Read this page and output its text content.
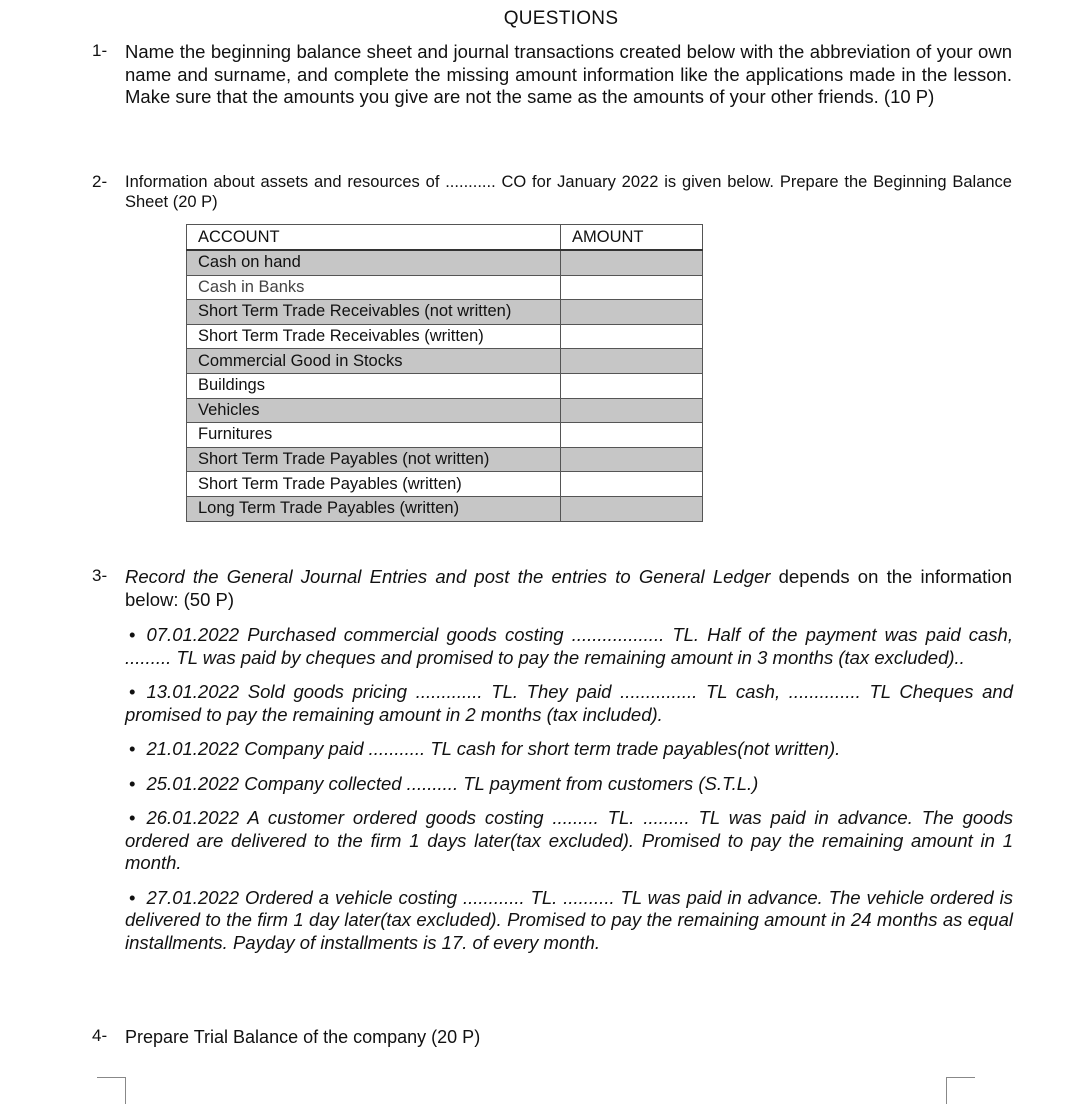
QUESTIONS
1- Name the beginning balance sheet and journal transactions created below with the abbreviation of your own name and surname, and complete the missing amount information like the applications made in the lesson. Make sure that the amounts you give are not the same as the amounts of your other friends. (10 P)
2- Information about assets and resources of ........... CO for January 2022 is given below. Prepare the Beginning Balance Sheet (20 P)
ACCOUNT	AMOUNT
Cash on hand	
Cash in Banks	
Short Term Trade Receivables (not written)	
Short Term Trade Receivables (written)	
Commercial Good in Stocks	
Buildings	
Vehicles	
Furnitures	
Short Term Trade Payables (not written)	
Short Term Trade Payables (written)	
Long Term Trade Payables (written)	
3- Record the General Journal Entries and post the entries to General Ledger depends on the information below: (50 P)
• 07.01.2022 Purchased commercial goods costing .................. TL. Half of the payment was paid cash, ......... TL was paid by cheques and promised to pay the remaining amount in 3 months (tax excluded)..
• 13.01.2022 Sold goods pricing ............. TL. They paid ............... TL cash, .............. TL Cheques and promised to pay the remaining amount in 2 months (tax included).
• 21.01.2022 Company paid ........... TL cash for short term trade payables(not written).
• 25.01.2022 Company collected .......... TL payment from customers (S.T.L.)
• 26.01.2022 A customer ordered goods costing ......... TL. ......... TL was paid in advance. The goods ordered are delivered to the firm 1 days later(tax excluded). Promised to pay the remaining amount in 1 month.
• 27.01.2022 Ordered a vehicle costing ............ TL. .......... TL was paid in advance. The vehicle ordered is delivered to the firm 1 day later(tax excluded). Promised to pay the remaining amount in 24 months as equal installments. Payday of installments is 17. of every month.
4- Prepare Trial Balance of the company (20 P)
